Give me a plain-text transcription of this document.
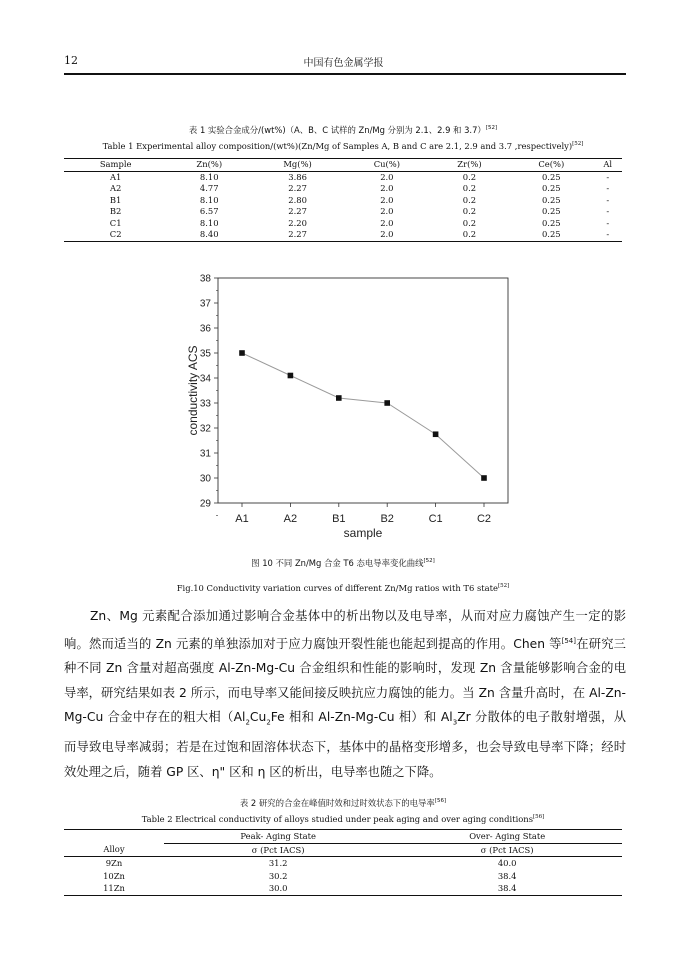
12	中国有色金属学报
表 1 实验合金成分/(wt%)（A、B、C 试样的 Zn/Mg 分别为 2.1、2.9 和 3.7）[52]
Table 1 Experimental alloy composition/(wt%)(Zn/Mg of Samples A, B and C are 2.1, 2.9 and 3.7 ,respectively)[52]
Sample	Zn(%)	Mg(%)	Cu(%)	Zr(%)	Ce(%)	Al
A1	8.10	3.86	2.0	0.2	0.25	-
A2	4.77	2.27	2.0	0.2	0.25	-
B1	8.10	2.80	2.0	0.2	0.25	-
B2	6.57	2.27	2.0	0.2	0.25	-
C1	8.10	2.20	2.0	0.2	0.25	-
C2	8.40	2.27	2.0	0.2	0.25	-
29
30
31
32
33
34
35
36
37
38
A1	A2	B1	B2	C1	C2
sample
conductivity ACS
图 10 不同 Zn/Mg 合金 T6 态电导率变化曲线[52]
Fig.10 Conductivity variation curves of different Zn/Mg ratios with T6 state[52]
Zn、Mg 元素配合添加通过影响合金基体中的析出物以及电导率，从而对应力腐蚀产生一定的影响。然而适当的 Zn 元素的单独添加对于应力腐蚀开裂性能也能起到提高的作用。Chen 等[54]在研究三种不同 Zn 含量对超高强度 Al-Zn-Mg-Cu 合金组织和性能的影响时，发现 Zn 含量能够影响合金的电导率，研究结果如表 2 所示，而电导率又能间接反映抗应力腐蚀的能力。当 Zn 含量升高时，在 Al-Zn-Mg-Cu 合金中存在的粗大相（$Al_2Cu_2Fe$ 相和 Al-Zn-Mg-Cu 相）和 $Al_3Zr$ 分散体的电子散射增强，从而导致电导率减弱；若是在过饱和固溶体状态下，基体中的晶格变形增多，也会导致电导率下降；经时效处理之后，随着 GP 区、η" 区和 η 区的析出，电导率也随之下降。
表 2 研究的合金在峰值时效和过时效状态下的电导率[56]
Table 2 Electrical conductivity of alloys studied under peak aging and over aging conditions[56]
	Peak- Aging State	Over- Aging State
Alloy	σ (Pct IACS)	σ (Pct IACS)
9Zn	31.2	40.0
10Zn	30.2	38.4
11Zn	30.0	38.4
